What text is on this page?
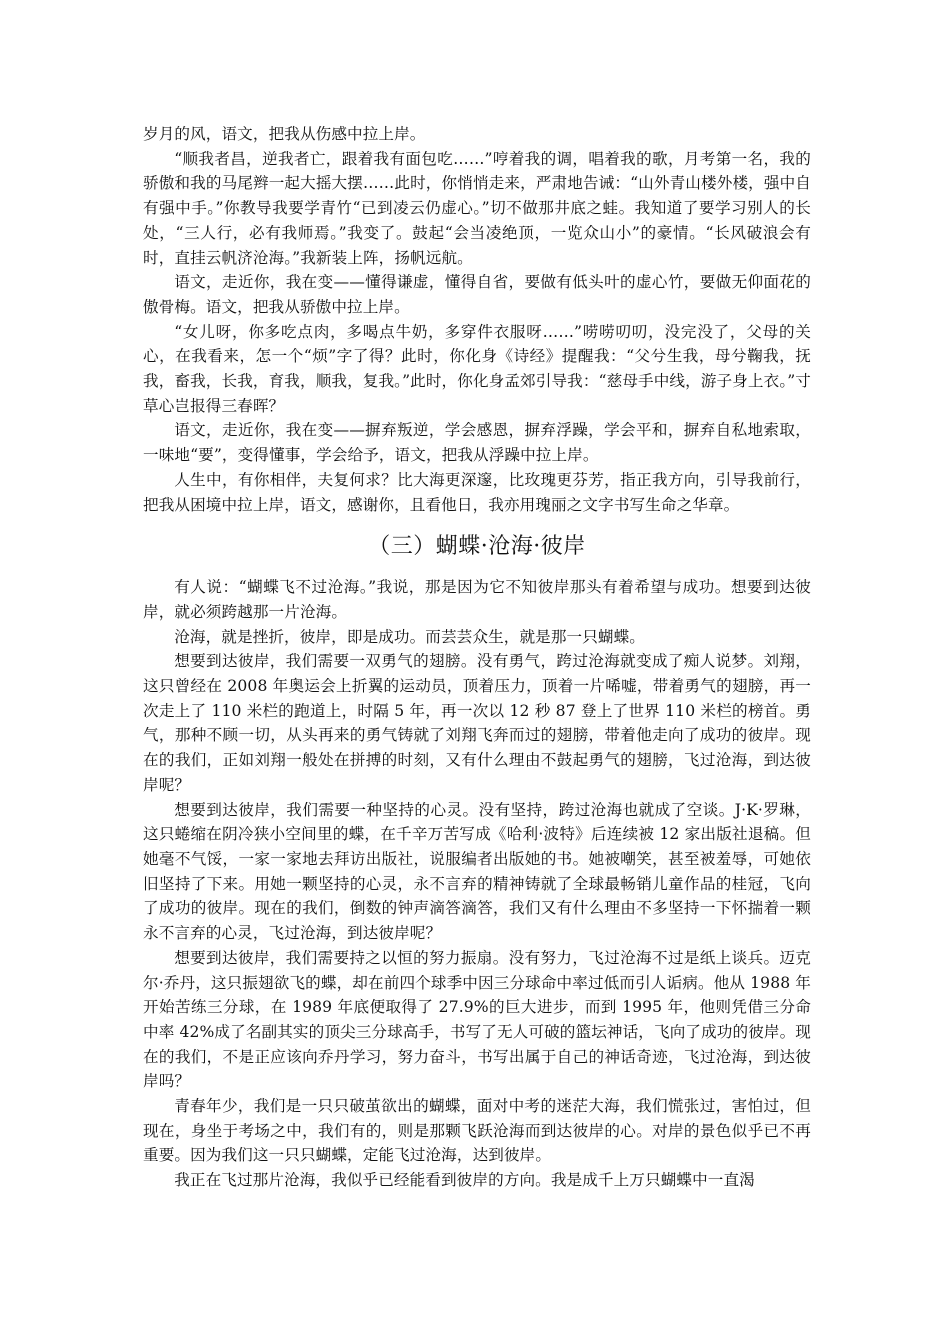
岁月的风，语文，把我从伤感中拉上岸。

“顺我者昌，逆我者亡，跟着我有面包吃……”哼着我的调，唱着我的歌，月考第一名，我的骄傲和我的马尾辫一起大摇大摆……此时，你悄悄走来，严肃地告诫：“山外青山楼外楼，强中自有强中手。”你教导我要学青竹“已到凌云仍虚心。”切不做那井底之蛙。我知道了要学习别人的长处，“三人行，必有我师焉。”我变了。鼓起“会当凌绝顶，一览众山小”的豪情。“长风破浪会有时，直挂云帆济沧海。”我新装上阵，扬帆远航。

语文，走近你，我在变——懂得谦虚，懂得自省，要做有低头叶的虚心竹，要做无仰面花的傲骨梅。语文，把我从骄傲中拉上岸。

“女儿呀，你多吃点肉，多喝点牛奶，多穿件衣服呀……”唠唠叨叨，没完没了，父母的关心，在我看来，怎一个“烦”字了得？此时，你化身《诗经》提醒我：“父兮生我，母兮鞠我，抚我，畜我，长我，育我，顺我，复我。”此时，你化身孟郊引导我：“慈母手中线，游子身上衣。”寸草心岂报得三春晖？

语文，走近你，我在变——摒弃叛逆，学会感恩，摒弃浮躁，学会平和，摒弃自私地索取，一味地“要”，变得懂事，学会给予，语文，把我从浮躁中拉上岸。

人生中，有你相伴，夫复何求？比大海更深邃，比玫瑰更芬芳，指正我方向，引导我前行，把我从困境中拉上岸，语文，感谢你，且看他日，我亦用瑰丽之文字书写生命之华章。

（三）蝴蝶·沧海·彼岸

有人说：“蝴蝶飞不过沧海。”我说，那是因为它不知彼岸那头有着希望与成功。想要到达彼岸，就必须跨越那一片沧海。

沧海，就是挫折，彼岸，即是成功。而芸芸众生，就是那一只蝴蝶。

想要到达彼岸，我们需要一双勇气的翅膀。没有勇气，跨过沧海就变成了痴人说梦。刘翔，这只曾经在 2008 年奥运会上折翼的运动员，顶着压力，顶着一片唏嘘，带着勇气的翅膀，再一次走上了 110 米栏的跑道上，时隔 5 年，再一次以 12 秒 87 登上了世界 110 米栏的榜首。勇气，那种不顾一切，从头再来的勇气铸就了刘翔飞奔而过的翅膀，带着他走向了成功的彼岸。现在的我们，正如刘翔一般处在拼搏的时刻，又有什么理由不鼓起勇气的翅膀，飞过沧海，到达彼岸呢？

想要到达彼岸，我们需要一种坚持的心灵。没有坚持，跨过沧海也就成了空谈。J·K·罗琳，这只蜷缩在阴冷狭小空间里的蝶，在千辛万苦写成《哈利·波特》后连续被 12 家出版社退稿。但她毫不气馁，一家一家地去拜访出版社，说服编者出版她的书。她被嘲笑，甚至被羞辱，可她依旧坚持了下来。用她一颗坚持的心灵，永不言弃的精神铸就了全球最畅销儿童作品的桂冠，飞向了成功的彼岸。现在的我们，倒数的钟声滴答滴答，我们又有什么理由不多坚持一下怀揣着一颗永不言弃的心灵，飞过沧海，到达彼岸呢？

想要到达彼岸，我们需要持之以恒的努力振扇。没有努力，飞过沧海不过是纸上谈兵。迈克尔·乔丹，这只振翅欲飞的蝶，却在前四个球季中因三分球命中率过低而引人诟病。他从 1988 年开始苦练三分球，在 1989 年底便取得了 27.9%的巨大进步，而到 1995 年，他则凭借三分命中率 42%成了名副其实的顶尖三分球高手，书写了无人可破的篮坛神话，飞向了成功的彼岸。现在的我们，不是正应该向乔丹学习，努力奋斗，书写出属于自己的神话奇迹，飞过沧海，到达彼岸吗？

青春年少，我们是一只只破茧欲出的蝴蝶，面对中考的迷茫大海，我们慌张过，害怕过，但现在，身坐于考场之中，我们有的，则是那颗飞跃沧海而到达彼岸的心。对岸的景色似乎已不再重要。因为我们这一只只蝴蝶，定能飞过沧海，达到彼岸。

我正在飞过那片沧海，我似乎已经能看到彼岸的方向。我是成千上万只蝴蝶中一直渴
